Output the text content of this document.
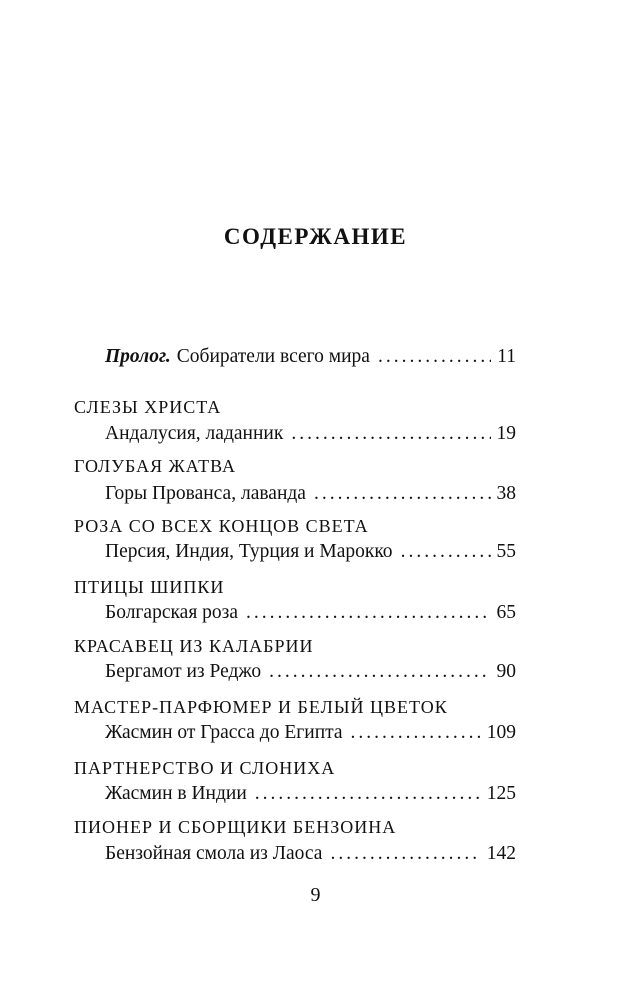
СОДЕРЖАНИЕ
Пролог. Собиратели всего мира .....	11
СЛЕЗЫ ХРИСТА
Андалусия, ладанник .....	19
ГОЛУБАЯ ЖАТВА
Горы Прованса, лаванда .....	38
РОЗА СО ВСЕХ КОНЦОВ СВЕТА
Персия, Индия, Турция и Марокко .....	55
ПТИЦЫ ШИПКИ
Болгарская роза .....	65
КРАСАВЕЦ ИЗ КАЛАБРИИ
Бергамот из Реджо .....	90
МАСТЕР-ПАРФЮМЕР И БЕЛЫЙ ЦВЕТОК
Жасмин от Грасса до Египта .....	109
ПАРТНЕРСТВО И СЛОНИХА
Жасмин в Индии .....	125
ПИОНЕР И СБОРЩИКИ БЕНЗОИНА
Бензойная смола из Лаоса .....	142
9
